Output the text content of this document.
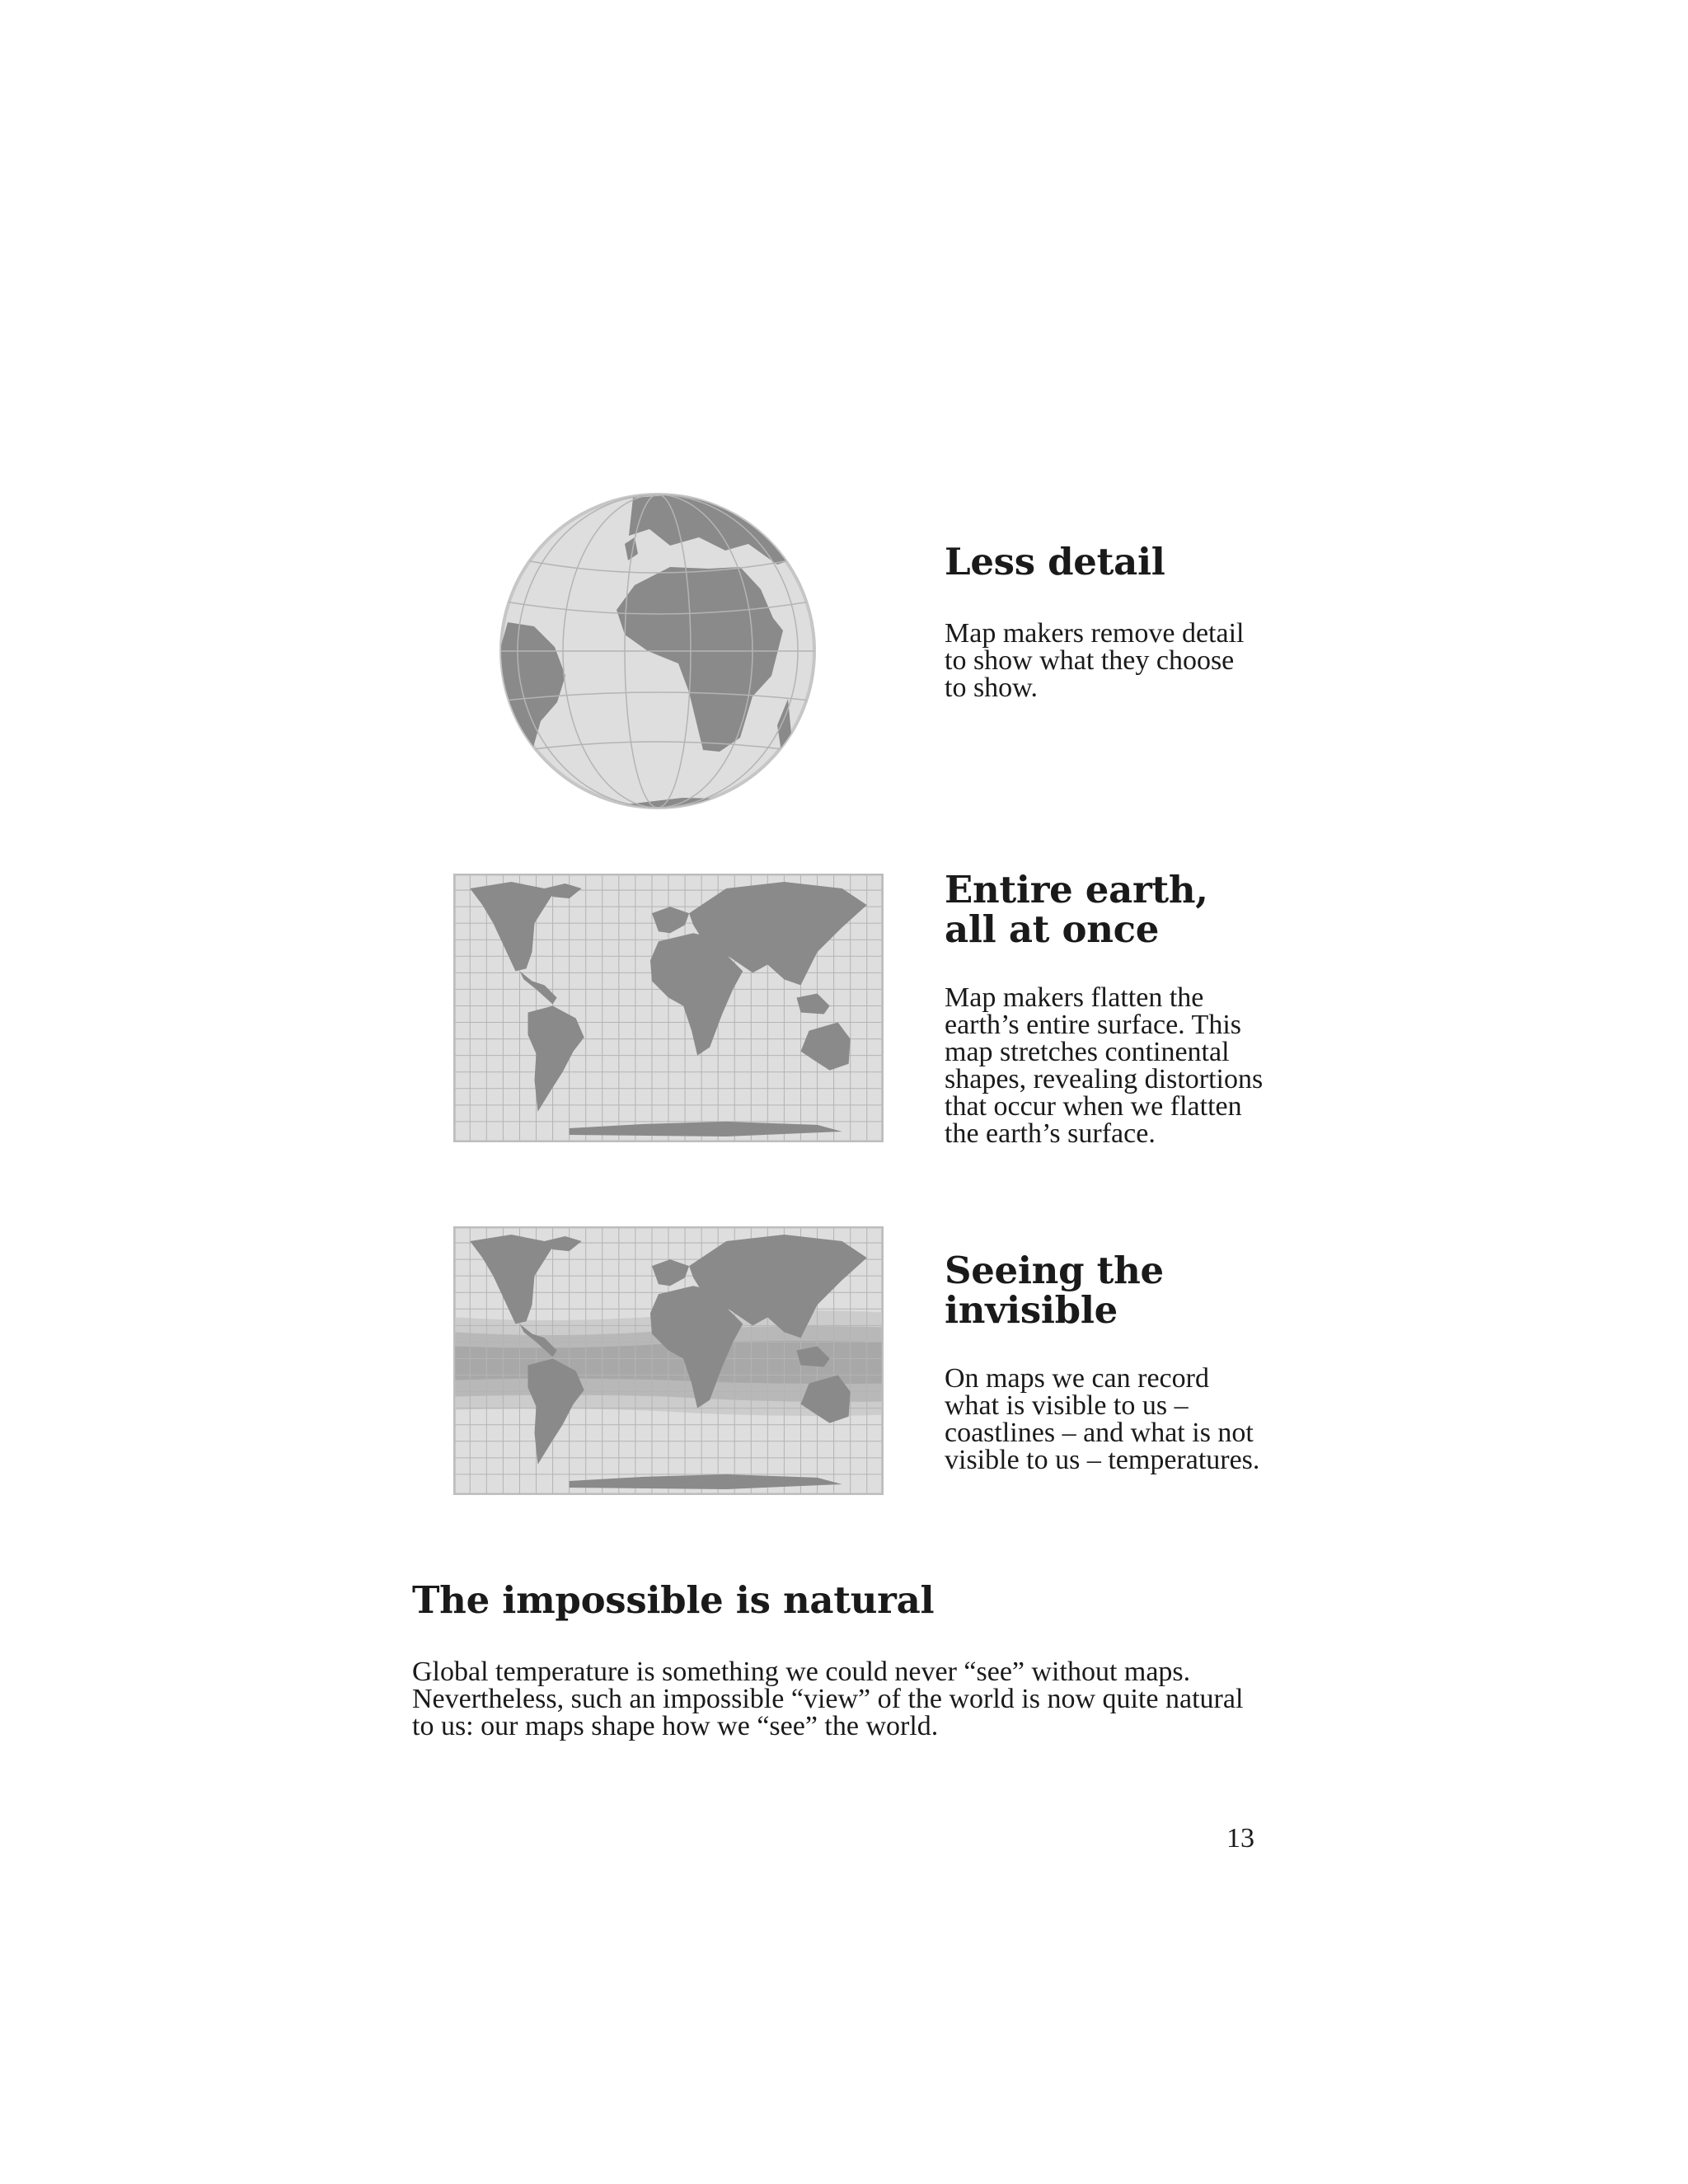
Less detail

Map makers remove detail
to show what they choose
to show.

Entire earth,
all at once

Map makers flatten the
earth’s entire surface. This
map stretches continental
shapes, revealing distortions
that occur when we flatten
the earth’s surface.

Seeing the
invisible

On maps we can record
what is visible to us –
coastlines – and what is not
visible to us – temperatures.

The impossible is natural

Global temperature is something we could never “see” without maps.
Nevertheless, such an impossible “view” of the world is now quite natural
to us: our maps shape how we “see” the world.

13
